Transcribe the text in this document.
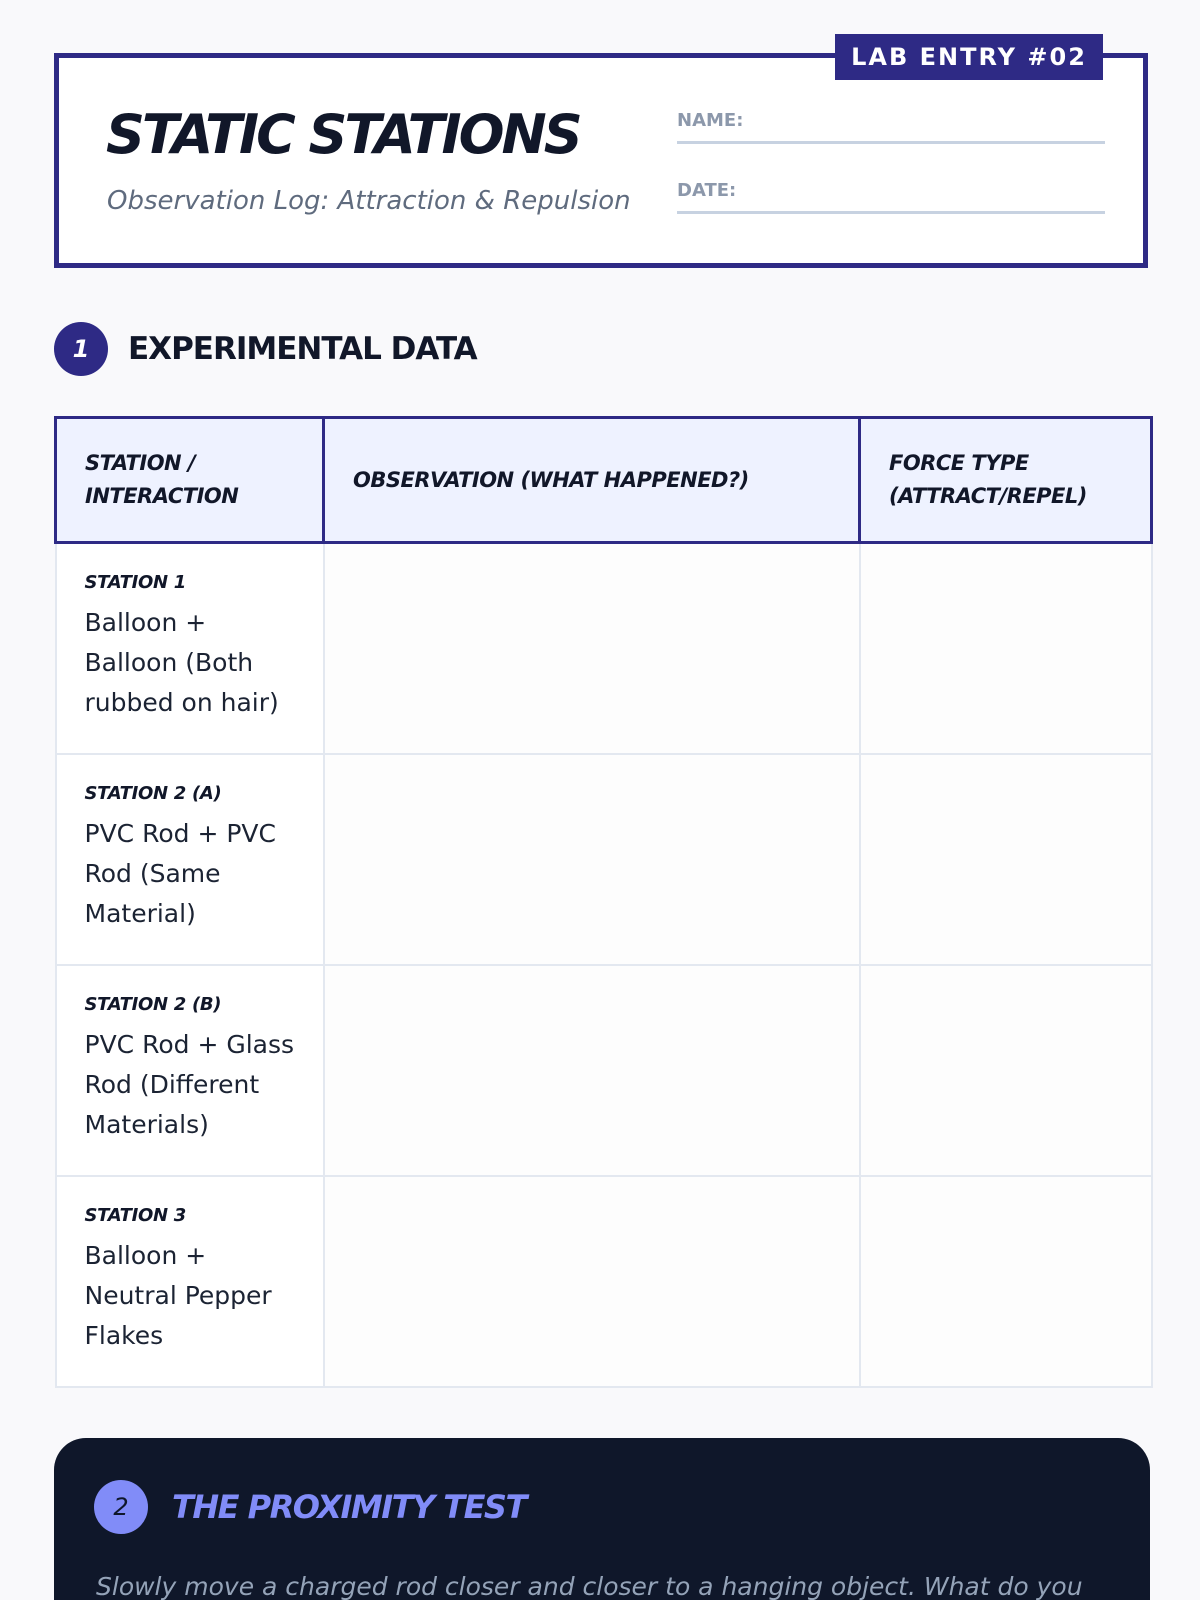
STATIC STATIONS

Observation Log: Attraction & Repulsion

NAME:
DATE:
LAB ENTRY #02
1	EXPERIMENTAL DATA
STATION /
INTERACTION	OBSERVATION (WHAT HAPPENED?)	FORCE TYPE
(ATTRACT/REPEL)

STATION 1
Balloon + Balloon (Both rubbed on hair)		

STATION 2 (A)
PVC Rod + PVC Rod (Same Material)		

STATION 2 (B)
PVC Rod + Glass Rod (Different Materials)		

STATION 3
Balloon + Neutral Pepper Flakes		

2	THE PROXIMITY TEST

Slowly move a charged rod closer and closer to a hanging object. What do you
